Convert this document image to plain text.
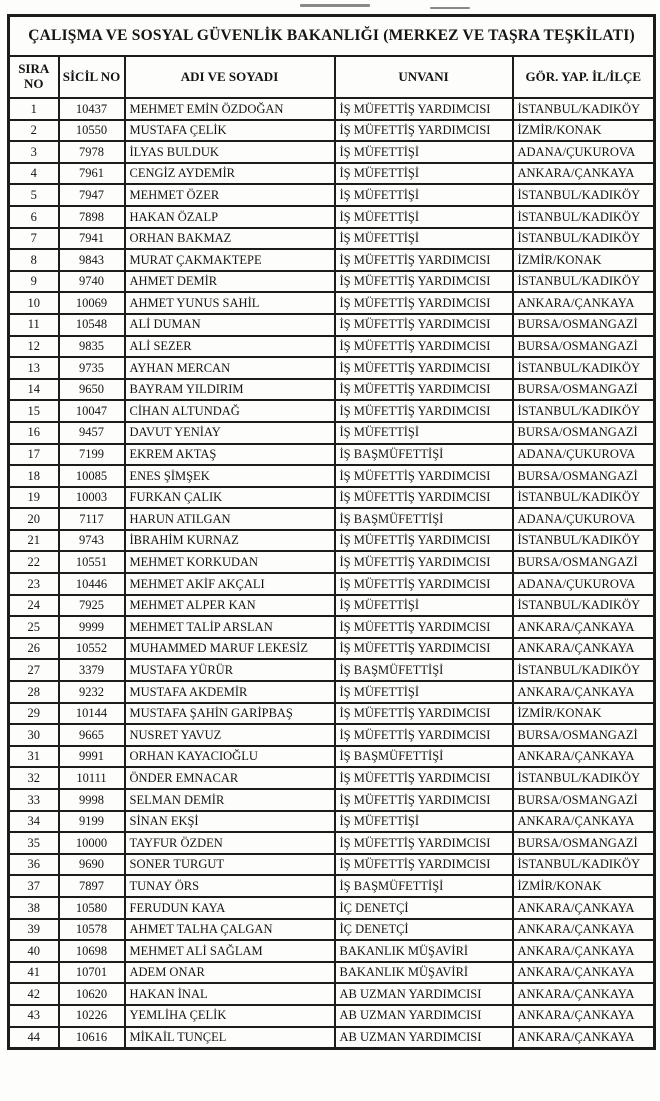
ÇALIŞMA VE SOSYAL GÜVENLİK BAKANLIĞI (MERKEZ VE TAŞRA TEŞKİLATI)				
SIRA NO	SİCİL NO	ADI VE SOYADI	UNVANI	GÖR. YAP. İL/İLÇE
1	10437	MEHMET EMİN ÖZDOĞAN	İŞ MÜFETTİŞ YARDIMCISI	İSTANBUL/KADIKÖY
2	10550	MUSTAFA ÇELİK	İŞ MÜFETTİŞ YARDIMCISI	İZMİR/KONAK
3	7978	İLYAS BULDUK	İŞ MÜFETTİŞİ	ADANA/ÇUKUROVA
4	7961	CENGİZ AYDEMİR	İŞ MÜFETTİŞİ	ANKARA/ÇANKAYA
5	7947	MEHMET ÖZER	İŞ MÜFETTİŞİ	İSTANBUL/KADIKÖY
6	7898	HAKAN ÖZALP	İŞ MÜFETTİŞİ	İSTANBUL/KADIKÖY
7	7941	ORHAN BAKMAZ	İŞ MÜFETTİŞİ	İSTANBUL/KADIKÖY
8	9843	MURAT ÇAKMAKTEPE	İŞ MÜFETTİŞ YARDIMCISI	İZMİR/KONAK
9	9740	AHMET DEMİR	İŞ MÜFETTİŞ YARDIMCISI	İSTANBUL/KADIKÖY
10	10069	AHMET YUNUS SAHİL	İŞ MÜFETTİŞ YARDIMCISI	ANKARA/ÇANKAYA
11	10548	ALİ DUMAN	İŞ MÜFETTİŞ YARDIMCISI	BURSA/OSMANGAZİ
12	9835	ALİ SEZER	İŞ MÜFETTİŞ YARDIMCISI	BURSA/OSMANGAZİ
13	9735	AYHAN MERCAN	İŞ MÜFETTİŞ YARDIMCISI	İSTANBUL/KADIKÖY
14	9650	BAYRAM YILDIRIM	İŞ MÜFETTİŞ YARDIMCISI	BURSA/OSMANGAZİ
15	10047	CİHAN ALTUNDAĞ	İŞ MÜFETTİŞ YARDIMCISI	İSTANBUL/KADIKÖY
16	9457	DAVUT YENİAY	İŞ MÜFETTİŞİ	BURSA/OSMANGAZİ
17	7199	EKREM AKTAŞ	İŞ BAŞMÜFETTİŞİ	ADANA/ÇUKUROVA
18	10085	ENES ŞİMŞEK	İŞ MÜFETTİŞ YARDIMCISI	BURSA/OSMANGAZİ
19	10003	FURKAN ÇALIK	İŞ MÜFETTİŞ YARDIMCISI	İSTANBUL/KADIKÖY
20	7117	HARUN ATILGAN	İŞ BAŞMÜFETTİŞİ	ADANA/ÇUKUROVA
21	9743	İBRAHİM KURNAZ	İŞ MÜFETTİŞ YARDIMCISI	İSTANBUL/KADIKÖY
22	10551	MEHMET KORKUDAN	İŞ MÜFETTİŞ YARDIMCISI	BURSA/OSMANGAZİ
23	10446	MEHMET AKİF AKÇALI	İŞ MÜFETTİŞ YARDIMCISI	ADANA/ÇUKUROVA
24	7925	MEHMET ALPER KAN	İŞ MÜFETTİŞİ	İSTANBUL/KADIKÖY
25	9999	MEHMET TALİP ARSLAN	İŞ MÜFETTİŞ YARDIMCISI	ANKARA/ÇANKAYA
26	10552	MUHAMMED MARUF LEKESİZ	İŞ MÜFETTİŞ YARDIMCISI	ANKARA/ÇANKAYA
27	3379	MUSTAFA YÜRÜR	İŞ BAŞMÜFETTİŞİ	İSTANBUL/KADIKÖY
28	9232	MUSTAFA AKDEMİR	İŞ MÜFETTİŞİ	ANKARA/ÇANKAYA
29	10144	MUSTAFA ŞAHİN GARİPBAŞ	İŞ MÜFETTİŞ YARDIMCISI	İZMİR/KONAK
30	9665	NUSRET YAVUZ	İŞ MÜFETTİŞ YARDIMCISI	BURSA/OSMANGAZİ
31	9991	ORHAN KAYACIOĞLU	İŞ BAŞMÜFETTİŞİ	ANKARA/ÇANKAYA
32	10111	ÖNDER EMNACAR	İŞ MÜFETTİŞ YARDIMCISI	İSTANBUL/KADIKÖY
33	9998	SELMAN DEMİR	İŞ MÜFETTİŞ YARDIMCISI	BURSA/OSMANGAZİ
34	9199	SİNAN EKŞİ	İŞ MÜFETTİŞİ	ANKARA/ÇANKAYA
35	10000	TAYFUR ÖZDEN	İŞ MÜFETTİŞ YARDIMCISI	BURSA/OSMANGAZİ
36	9690	SONER TURGUT	İŞ MÜFETTİŞ YARDIMCISI	İSTANBUL/KADIKÖY
37	7897	TUNAY ÖRS	İŞ BAŞMÜFETTİŞİ	İZMİR/KONAK
38	10580	FERUDUN KAYA	İÇ DENETÇİ	ANKARA/ÇANKAYA
39	10578	AHMET TALHA ÇALGAN	İÇ DENETÇİ	ANKARA/ÇANKAYA
40	10698	MEHMET ALİ SAĞLAM	BAKANLIK MÜŞAVİRİ	ANKARA/ÇANKAYA
41	10701	ADEM ONAR	BAKANLIK MÜŞAVİRİ	ANKARA/ÇANKAYA
42	10620	HAKAN İNAL	AB UZMAN YARDIMCISI	ANKARA/ÇANKAYA
43	10226	YEMLİHA ÇELİK	AB UZMAN YARDIMCISI	ANKARA/ÇANKAYA
44	10616	MİKAİL TUNÇEL	AB UZMAN YARDIMCISI	ANKARA/ÇANKAYA
